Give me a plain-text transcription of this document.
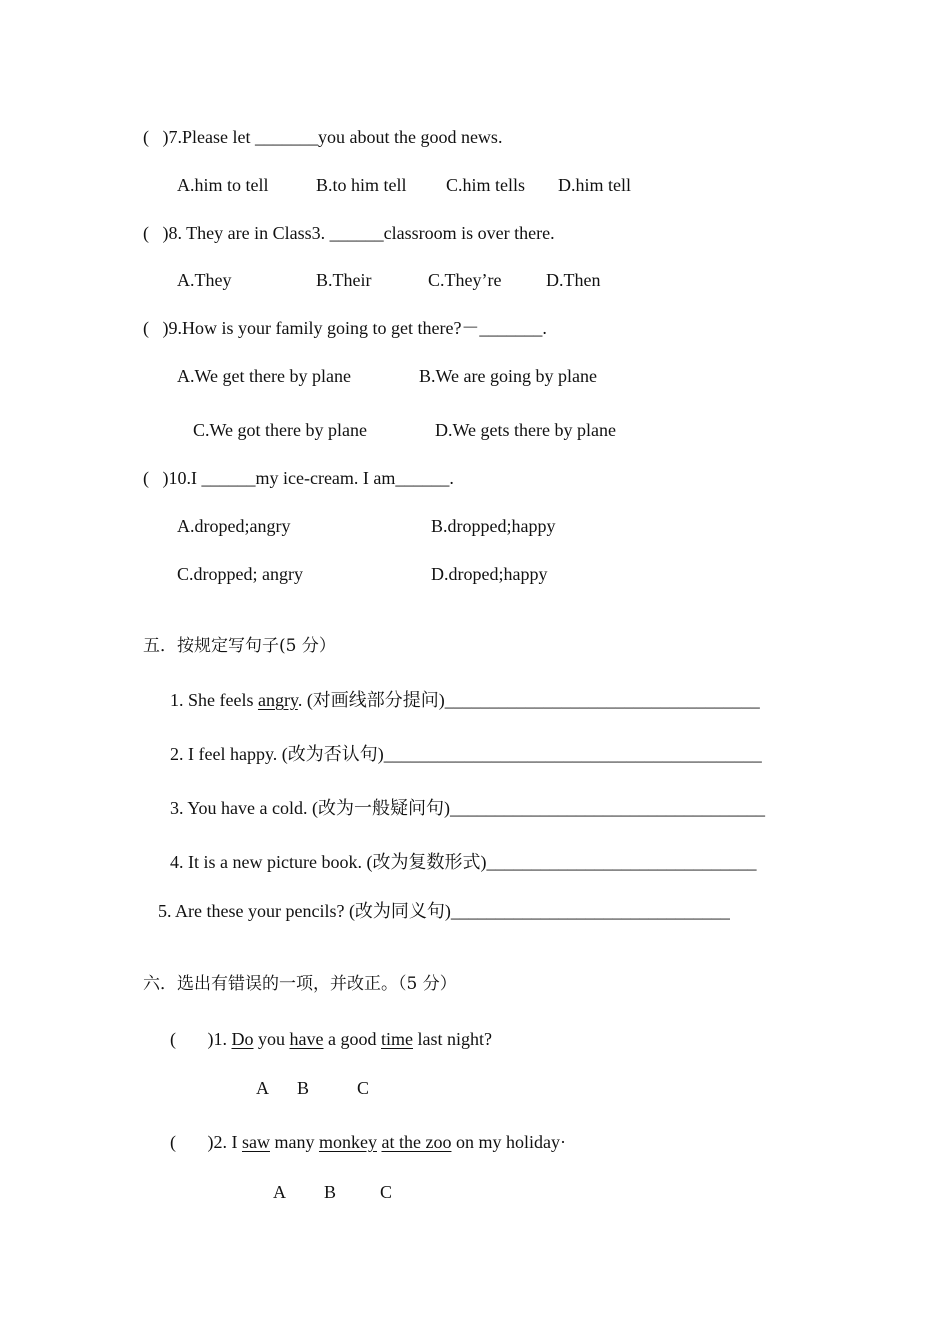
(   )7.Please let _______you about the good news.
A.him to tell	B.to him tell C.him tells D.him tell
(   )8. They are in Class3. ______classroom is over there.
A.They	B.Their	C.They’re D.Then
(   )9.How is your family going to get there?－_______.
A.We get there by plane	B.We are going by plane
C.We got there by plane	D.We gets there by plane
(   )10.I ______my ice-cream. I am______.
A.droped;angry	B.dropped;happy
C.dropped; angry	D.droped;happy
五．按规定写句子(5 分）
1. She feels angry. (对画线部分提问)___________________________________
2. I feel happy. (改为否认句)__________________________________________
3. You have a cold. (改为一般疑问句)___________________________________
4. It is a new picture book. (改为复数形式)______________________________
5. Are these your pencils? (改为同义句)_______________________________
六．选出有错误的一项，并改正。（5 分）
(       )1. Do you have a good time last night?
A B	C
(       )2. I saw many monkey at the zoo on my holiday·
A B C
